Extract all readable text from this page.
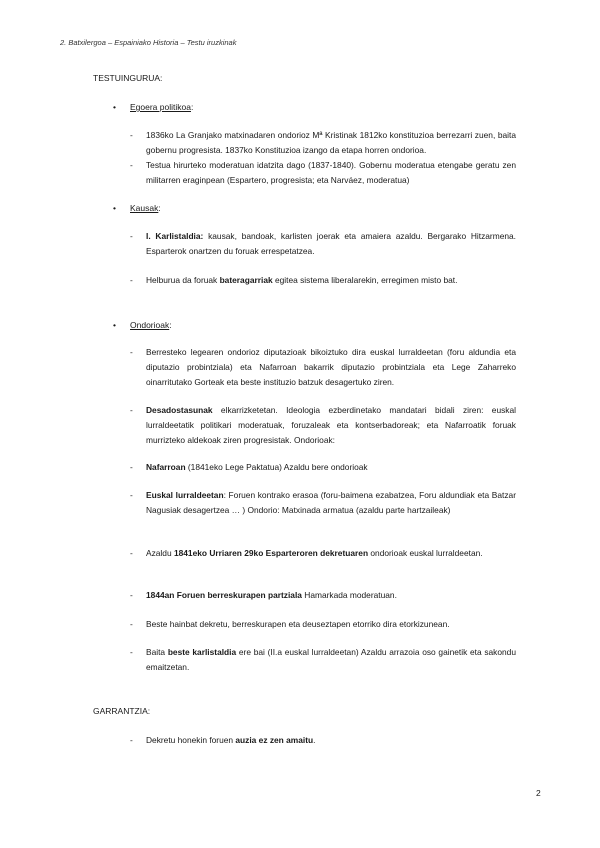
2. Batxilergoa – Espainiako Historia – Testu iruzkinak
TESTUINGURUA:
• Egoera politikoa:
- 1836ko La Granjako matxinadaren ondorioz Mª Kristinak 1812ko konstituzioa berrezarri zuen, baita gobernu progresista. 1837ko Konstituzioa izango da etapa horren ondorioa.
- Testua hirurteko moderatuan idatzita dago (1837-1840). Gobernu moderatua etengabe geratu zen militarren eraginpean (Espartero, progresista; eta Narváez, moderatua)
• Kausak:
- I. Karlistaldia: kausak, bandoak, karlisten joerak eta amaiera azaldu. Bergarako Hitzarmena. Esparterok onartzen du foruak errespetatzea.
- Helburua da foruak bateragarriak egitea sistema liberalarekin, erregimen misto bat.
• Ondorioak:
- Berresteko legearen ondorioz diputazioak bikoiztuko dira euskal lurraldeetan (foru aldundia eta diputazio probintziala) eta Nafarroan bakarrik diputazio probintziala eta Lege Zaharreko oinarritutako Gorteak eta beste instituzio batzuk desagertuko ziren.
- Desadostasunak elkarrizketetan. Ideologia ezberdinetako mandatari bidali ziren: euskal lurraldeetatik politikari moderatuak, foruzaleak eta kontserbadoreak; eta Nafarroatik foruak murrizteko aldekoak ziren progresistak. Ondorioak:
- Nafarroan (1841eko Lege Paktatua) Azaldu bere ondorioak
- Euskal lurraldeetan: Foruen kontrako erasoa (foru-baimena ezabatzea, Foru aldundiak eta Batzar Nagusiak desagertzea … ) Ondorio: Matxinada armatua (azaldu parte hartzaileak)
- Azaldu 1841eko Urriaren 29ko Esparteroren dekretuaren ondorioak euskal lurraldeetan.
- 1844an Foruen berreskurapen partziala Hamarkada moderatuan.
- Beste hainbat dekretu, berreskurapen eta deuseztapen etorriko dira etorkizunean.
- Baita beste karlistaldia ere bai (II.a euskal lurraldeetan) Azaldu arrazoia oso gainetik eta sakondu emaitzetan.
GARRANTZIA:
- Dekretu honekin foruen auzia ez zen amaitu.
2
